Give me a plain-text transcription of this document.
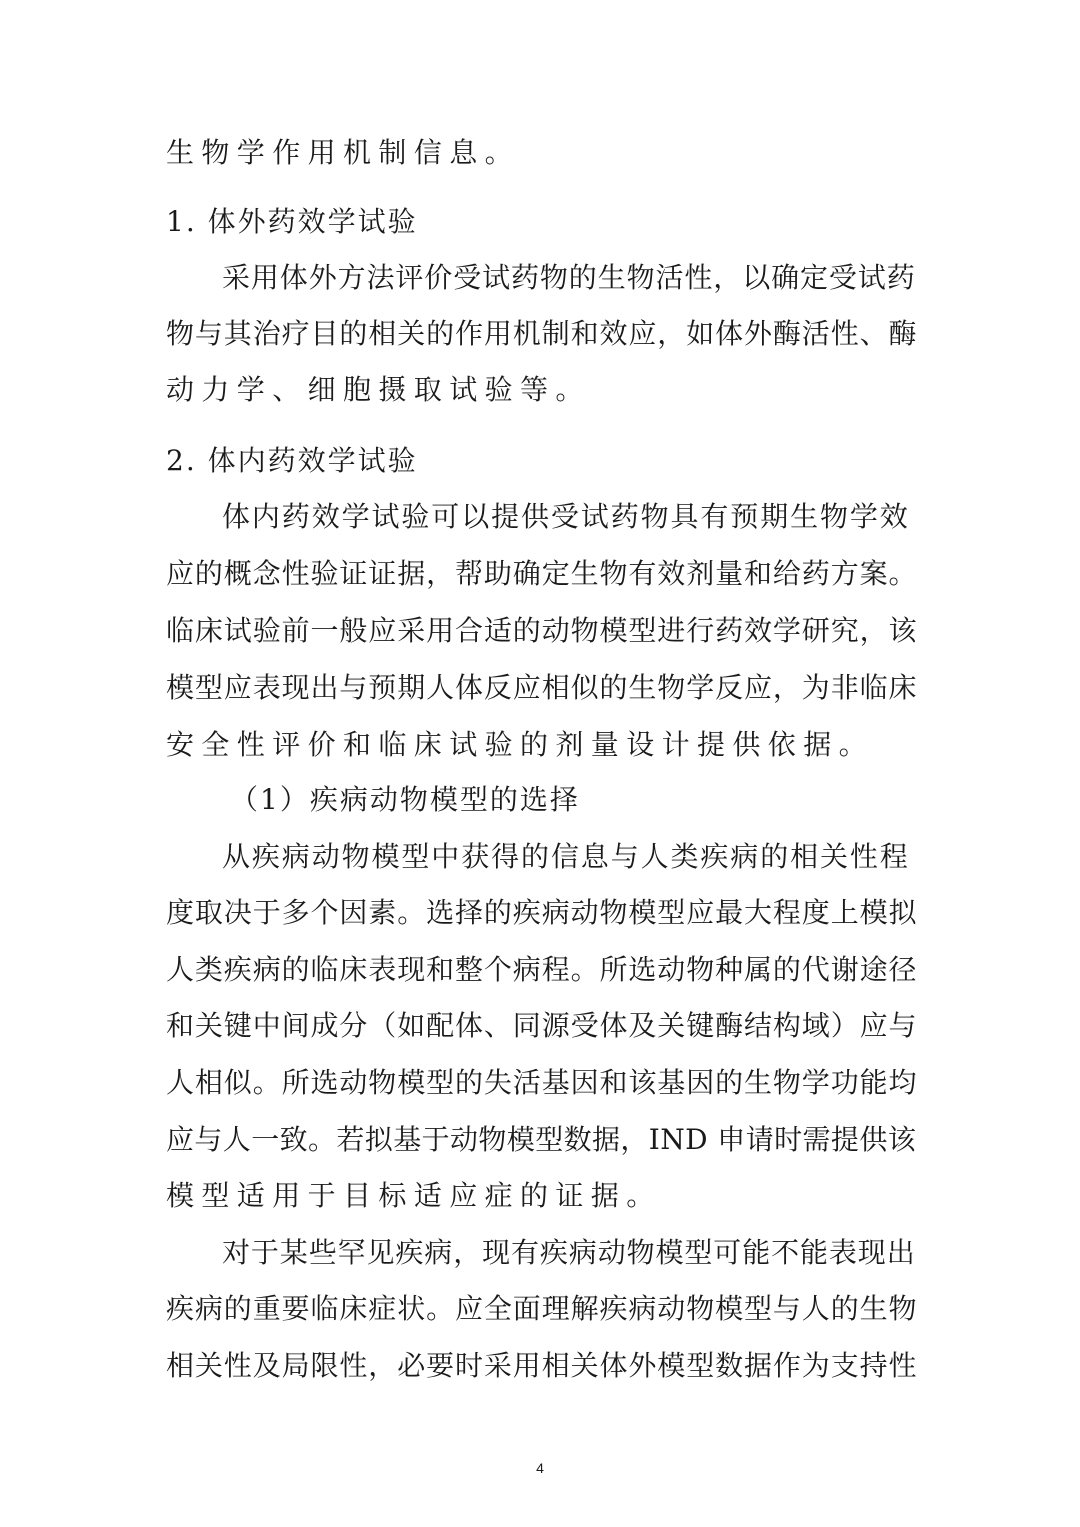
生物学作用机制信息。
1. 体外药效学试验
采用体外方法评价受试药物的生物活性，以确定受试药
物与其治疗目的相关的作用机制和效应，如体外酶活性、酶
动力学、细胞摄取试验等。
2. 体内药效学试验
体内药效学试验可以提供受试药物具有预期生物学效
应的概念性验证证据，帮助确定生物有效剂量和给药方案。
临床试验前一般应采用合适的动物模型进行药效学研究，该
模型应表现出与预期人体反应相似的生物学反应，为非临床
安全性评价和临床试验的剂量设计提供依据。
（1）疾病动物模型的选择
从疾病动物模型中获得的信息与人类疾病的相关性程
度取决于多个因素。选择的疾病动物模型应最大程度上模拟
人类疾病的临床表现和整个病程。所选动物种属的代谢途径
和关键中间成分（如配体、同源受体及关键酶结构域）应与
人相似。所选动物模型的失活基因和该基因的生物学功能均
应与人一致。若拟基于动物模型数据，IND 申请时需提供该
模型适用于目标适应症的证据。
对于某些罕见疾病，现有疾病动物模型可能不能表现出
疾病的重要临床症状。应全面理解疾病动物模型与人的生物
相关性及局限性，必要时采用相关体外模型数据作为支持性
4
